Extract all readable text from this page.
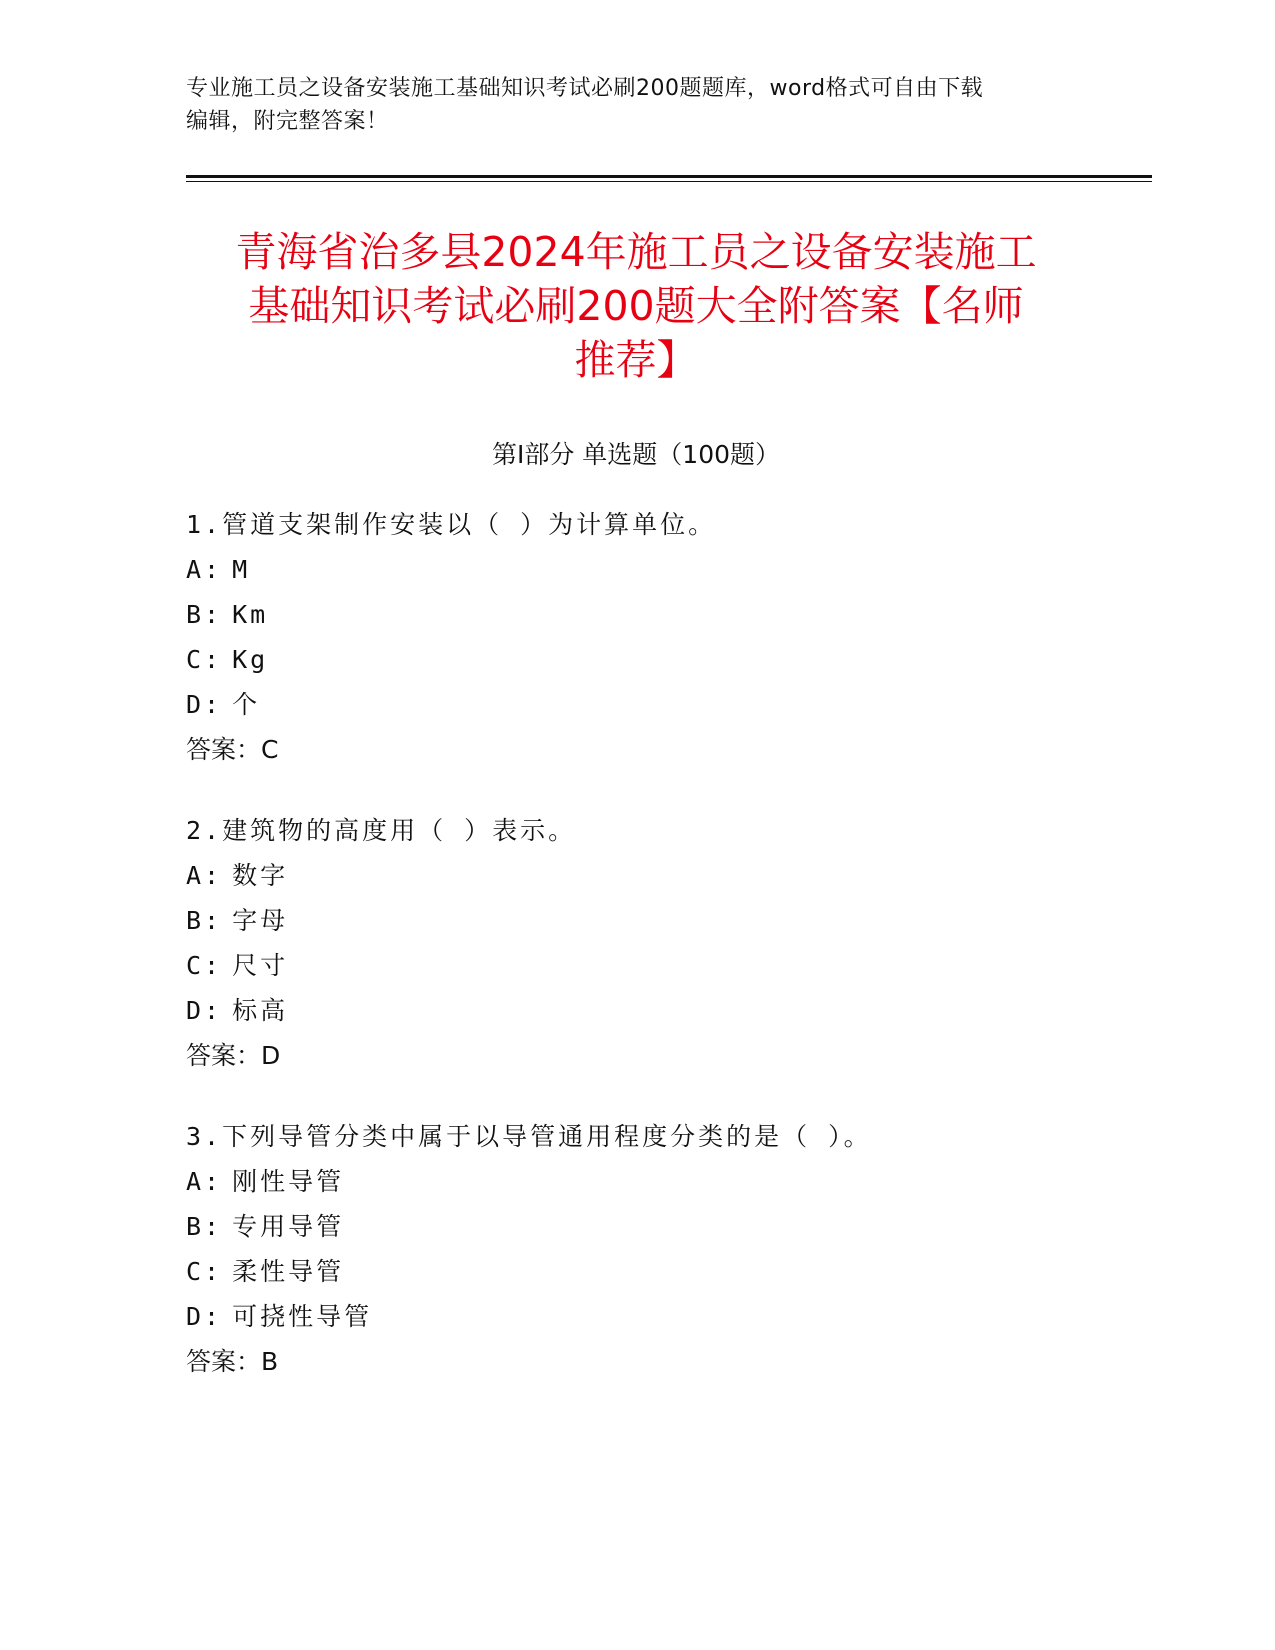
专业施工员之设备安装施工基础知识考试必刷200题题库，word格式可自由下载
编辑，附完整答案！
青海省治多县2024年施工员之设备安装施工
基础知识考试必刷200题大全附答案【名师
推荐】
第Ⅰ部分 单选题（100题）
1.管道支架制作安装以（ ）为计算单位。
A: M
B: Km
C: Kg
D: 个
答案：C
2.建筑物的高度用（ ）表示。
A: 数字
B: 字母
C: 尺寸
D: 标高
答案：D
3.下列导管分类中属于以导管通用程度分类的是（ ）。
A: 刚性导管
B: 专用导管
C: 柔性导管
D: 可挠性导管
答案：B
